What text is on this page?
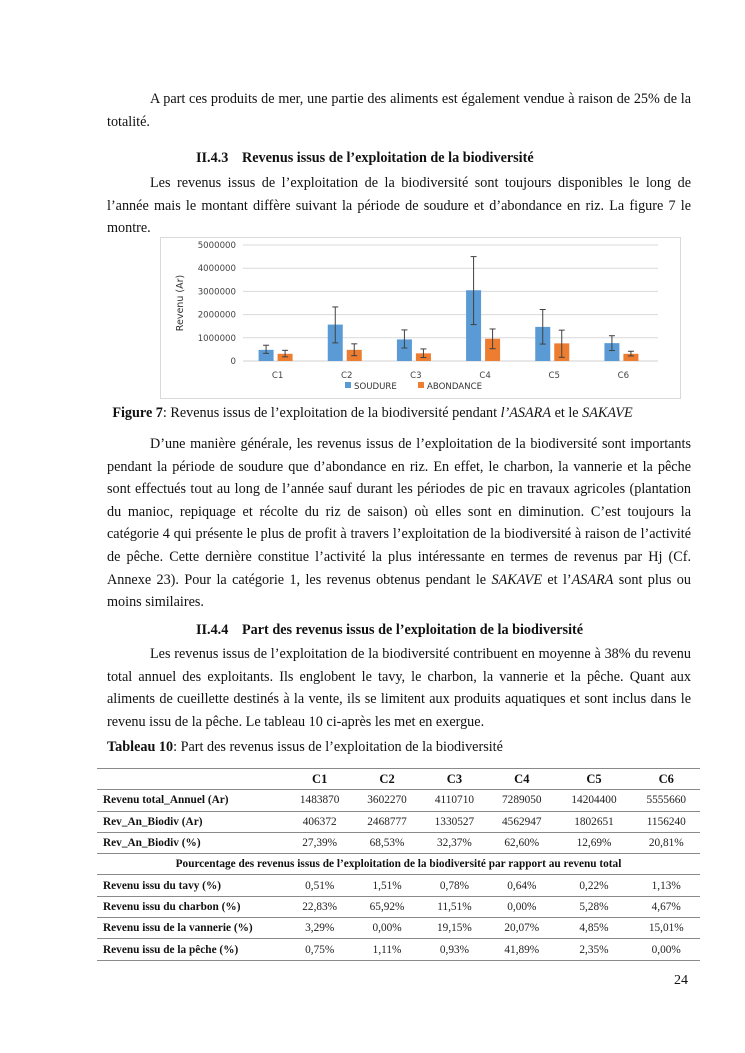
A part ces produits de mer, une partie des aliments est également vendue à raison de 25% de la totalité.

II.4.3 Revenus issus de l’exploitation de la biodiversité

Les revenus issus de l’exploitation de la biodiversité sont toujours disponibles le long de l’année mais le montant diffère suivant la période de soudure et d’abondance en riz. La figure 7 le montre.

0
1000000
2000000
3000000
4000000
5000000
Revenu (Ar)
C1	C2	C3	C4	C5	C6
SOUDURE	ABONDANCE

Figure 7: Revenus issus de l’exploitation de la biodiversité pendant l’ASARA et le SAKAVE

D’une manière générale, les revenus issus de l’exploitation de la biodiversité sont importants pendant la période de soudure que d’abondance en riz. En effet, le charbon, la vannerie et la pêche sont effectués tout au long de l’année sauf durant les périodes de pic en travaux agricoles (plantation du manioc, repiquage et récolte du riz de saison) où elles sont en diminution. C’est toujours la catégorie 4 qui présente le plus de profit à travers l’exploitation de la biodiversité à raison de l’activité de pêche. Cette dernière constitue l’activité la plus intéressante en termes de revenus par Hj (Cf. Annexe 23). Pour la catégorie 1, les revenus obtenus pendant le SAKAVE et l’ASARA sont plus ou moins similaires.

II.4.4 Part des revenus issus de l’exploitation de la biodiversité

Les revenus issus de l’exploitation de la biodiversité contribuent en moyenne à 38% du revenu total annuel des exploitants. Ils englobent le tavy, le charbon, la vannerie et la pêche. Quant aux aliments de cueillette destinés à la vente, ils se limitent aux produits aquatiques et sont inclus dans le revenu issu de la pêche. Le tableau 10 ci-après les met en exergue.

Tableau 10: Part des revenus issus de l’exploitation de la biodiversité

	C1	C2	C3	C4	C5	C6
Revenu total_Annuel (Ar)	1483870	3602270	4110710	7289050	14204400	5555660
Rev_An_Biodiv (Ar)	406372	2468777	1330527	4562947	1802651	1156240
Rev_An_Biodiv (%)	27,39%	68,53%	32,37%	62,60%	12,69%	20,81%
Pourcentage des revenus issus de l’exploitation de la biodiversité par rapport au revenu total						
Revenu issu du tavy (%)	0,51%	1,51%	0,78%	0,64%	0,22%	1,13%
Revenu issu du charbon (%)	22,83%	65,92%	11,51%	0,00%	5,28%	4,67%
Revenu issu de la vannerie (%)	3,29%	0,00%	19,15%	20,07%	4,85%	15,01%
Revenu issu de la pêche (%)	0,75%	1,11%	0,93%	41,89%	2,35%	0,00%
24
